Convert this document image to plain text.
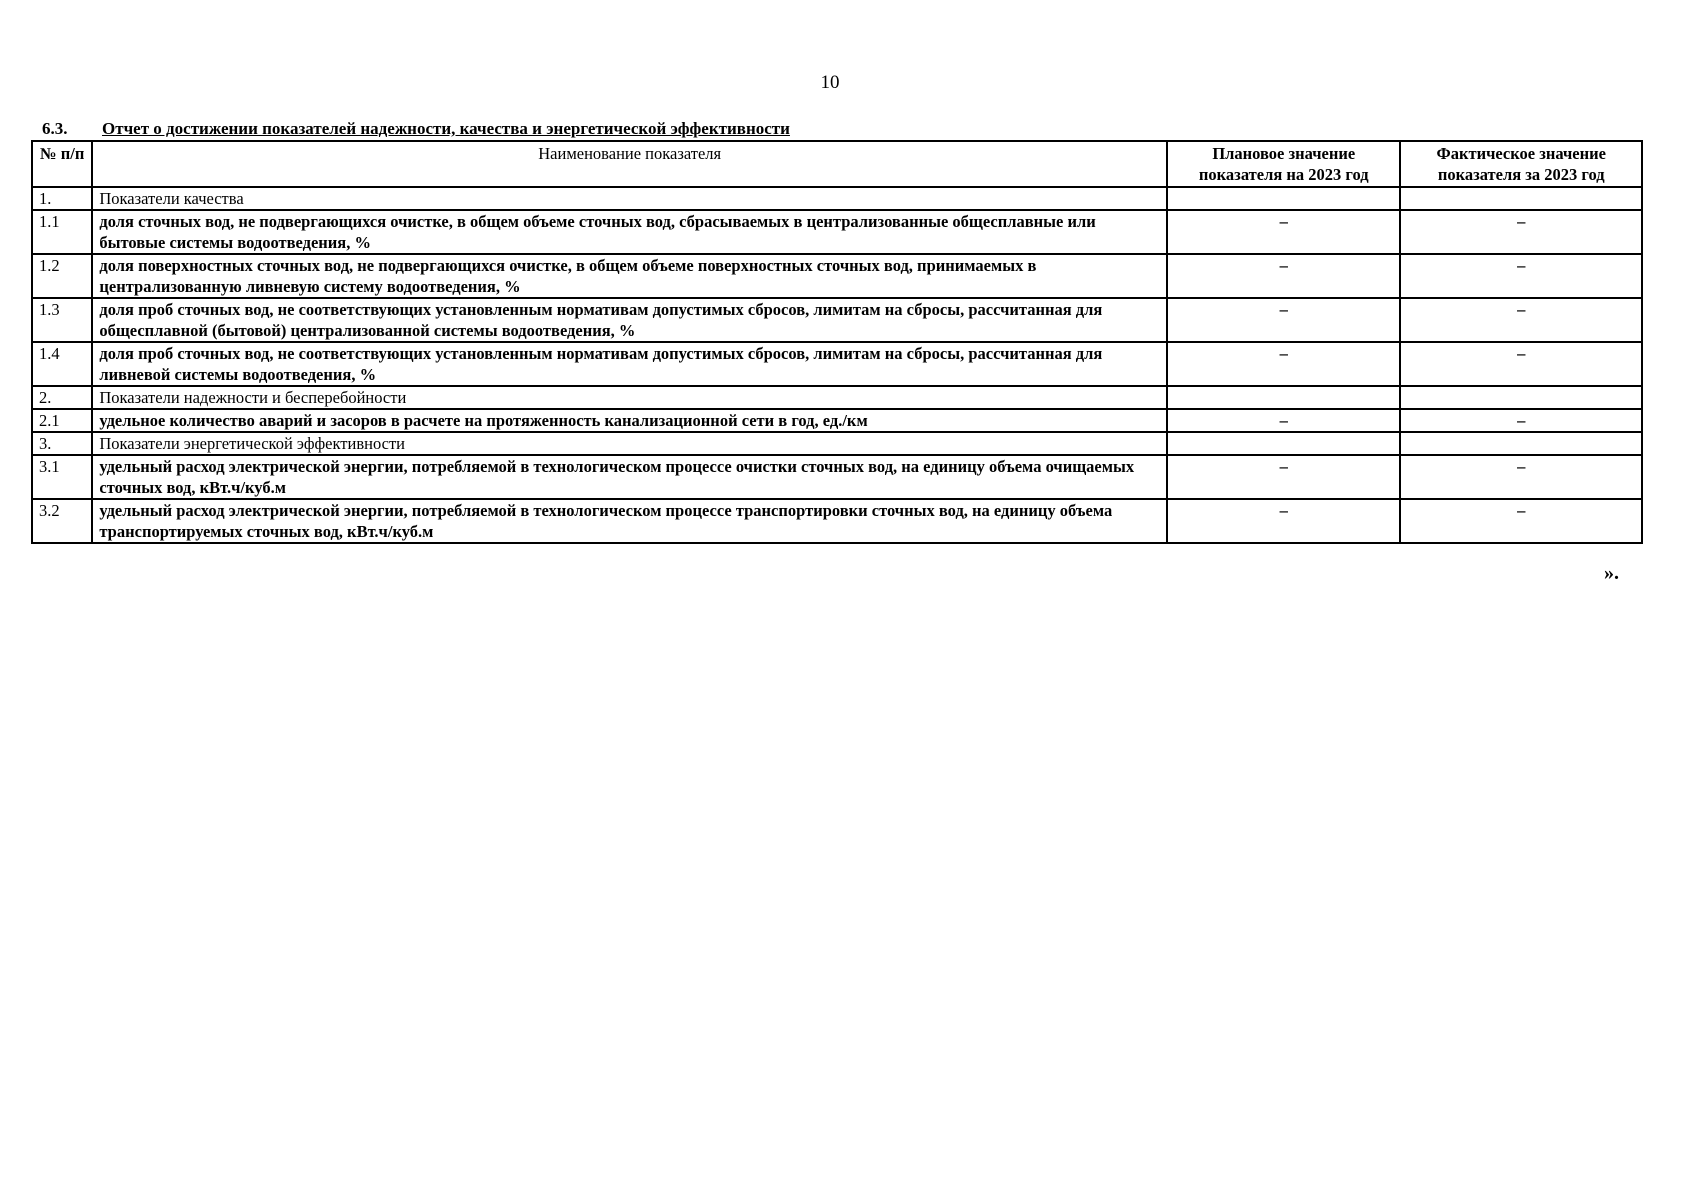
10
6.3. Отчет о достижении показателей надежности, качества и энергетической эффективности
№ п/п	Наименование показателя	Плановое значение показателя на 2023 год	Фактическое значение показателя за 2023 год
1.	Показатели качества		
1.1	доля сточных вод, не подвергающихся очистке, в общем объеме сточных вод, сбрасываемых в централизованные общесплавные или бытовые системы водоотведения, %	–	–
1.2	доля поверхностных сточных вод, не подвергающихся очистке, в общем объеме поверхностных сточных вод, принимаемых в централизованную ливневую систему водоотведения, %	–	–
1.3	доля проб сточных вод, не соответствующих установленным нормативам допустимых сбросов, лимитам на сбросы, рассчитанная для общесплавной (бытовой) централизованной системы водоотведения, %	–	–
1.4	доля проб сточных вод, не соответствующих установленным нормативам допустимых сбросов, лимитам на сбросы, рассчитанная для ливневой системы водоотведения, %	–	–
2.	Показатели надежности и бесперебойности		
2.1	удельное количество аварий и засоров в расчете на протяженность канализационной сети в год, ед./км	–	–
3.	Показатели энергетической эффективности		
3.1	удельный расход электрической энергии, потребляемой в технологическом процессе очистки сточных вод, на единицу объема очищаемых сточных вод, кВт.ч/куб.м	–	–
3.2	удельный расход электрической энергии, потребляемой в технологическом процессе транспортировки сточных вод, на единицу объема транспортируемых сточных вод, кВт.ч/куб.м	–	–
».
